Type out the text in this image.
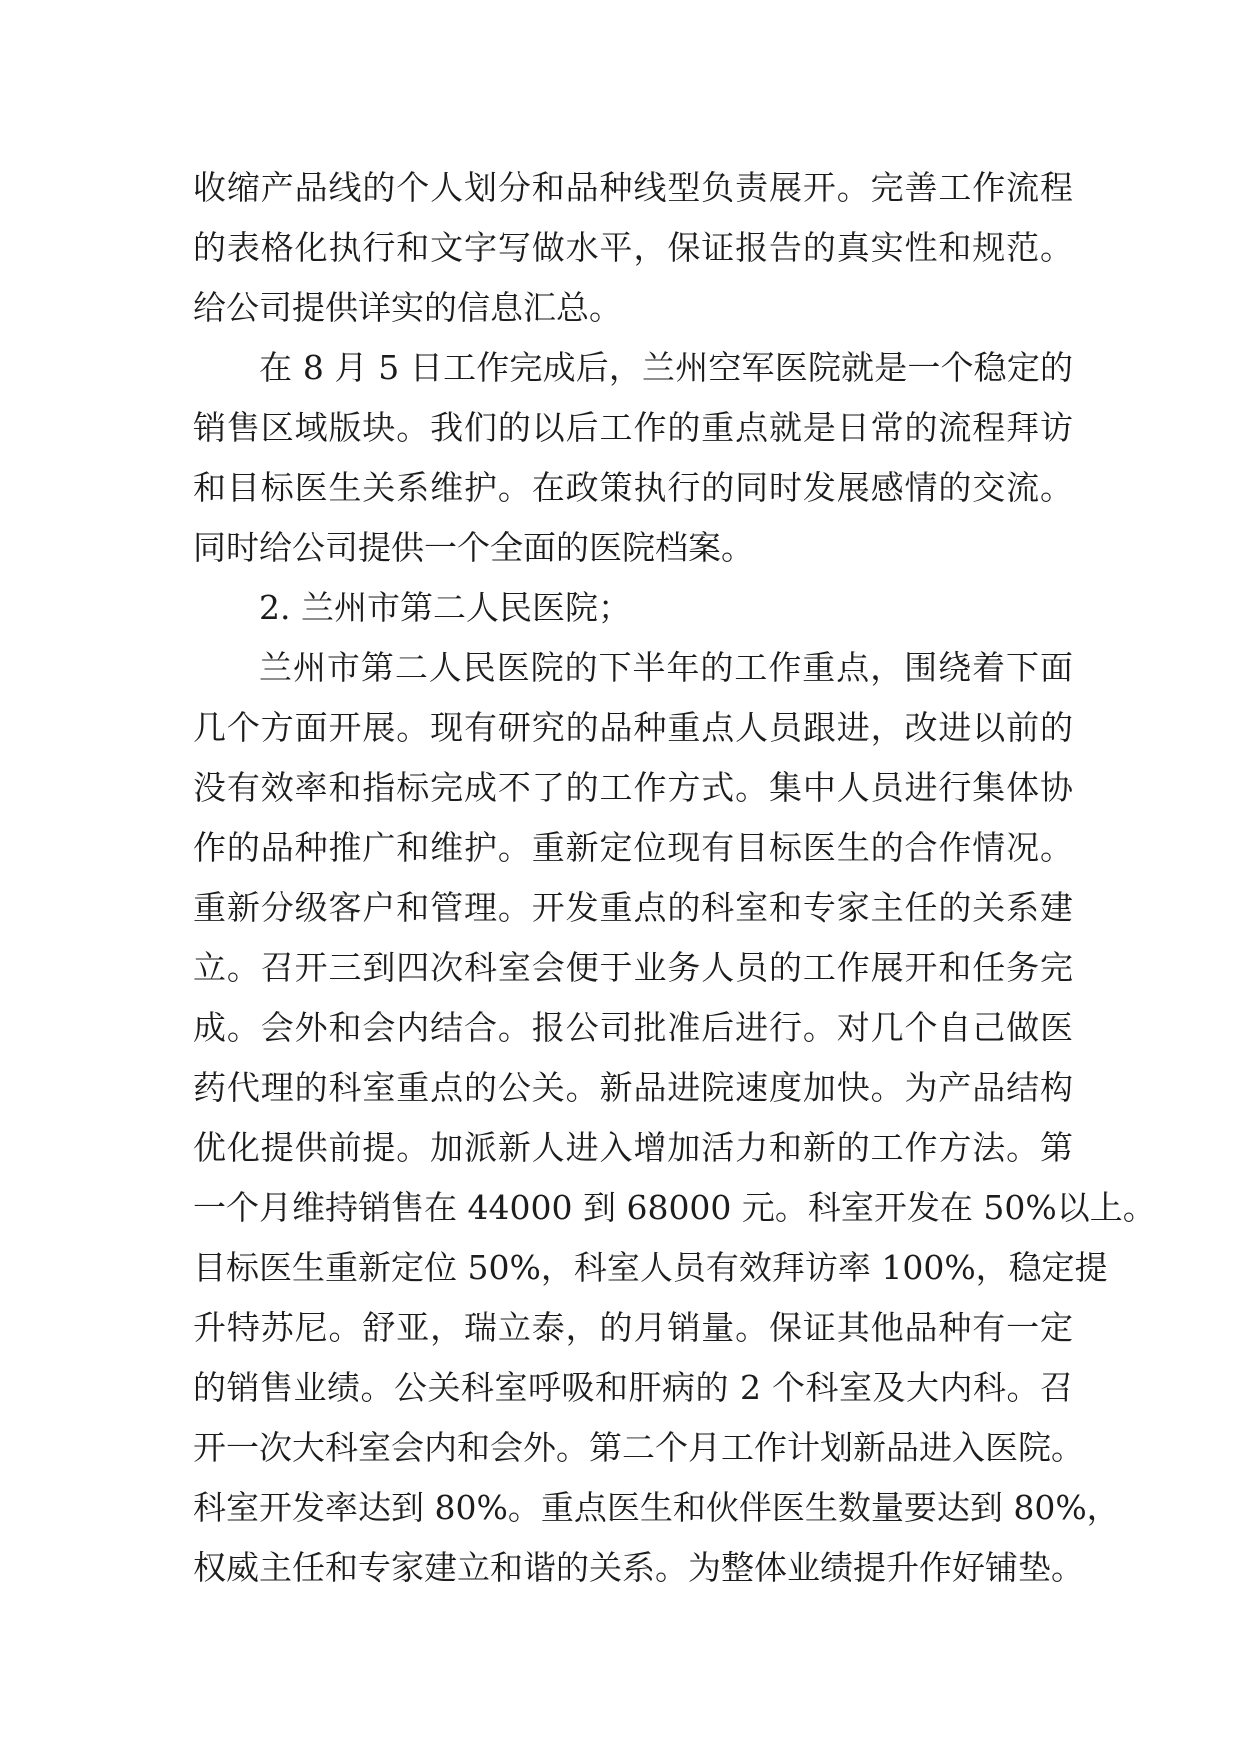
收缩产品线的个人划分和品种线型负责展开。完善工作流程
的表格化执行和文字写做水平，保证报告的真实性和规范。
给公司提供详实的信息汇总。
在 8 月 5 日工作完成后，兰州空军医院就是一个稳定的
销售区域版块。我们的以后工作的重点就是日常的流程拜访
和目标医生关系维护。在政策执行的同时发展感情的交流。
同时给公司提供一个全面的医院档案。
2. 兰州市第二人民医院；
兰州市第二人民医院的下半年的工作重点，围绕着下面
几个方面开展。现有研究的品种重点人员跟进，改进以前的
没有效率和指标完成不了的工作方式。集中人员进行集体协
作的品种推广和维护。重新定位现有目标医生的合作情况。
重新分级客户和管理。开发重点的科室和专家主任的关系建
立。召开三到四次科室会便于业务人员的工作展开和任务完
成。会外和会内结合。报公司批准后进行。对几个自己做医
药代理的科室重点的公关。新品进院速度加快。为产品结构
优化提供前提。加派新人进入增加活力和新的工作方法。第
一个月维持销售在 44000 到 68000 元。科室开发在 50%以上。
目标医生重新定位 50%，科室人员有效拜访率 100%，稳定提
升特苏尼。舒亚，瑞立泰，的月销量。保证其他品种有一定
的销售业绩。公关科室呼吸和肝病的 2 个科室及大内科。召
开一次大科室会内和会外。第二个月工作计划新品进入医院。
科室开发率达到 80%。重点医生和伙伴医生数量要达到 80%，
权威主任和专家建立和谐的关系。为整体业绩提升作好铺垫。
